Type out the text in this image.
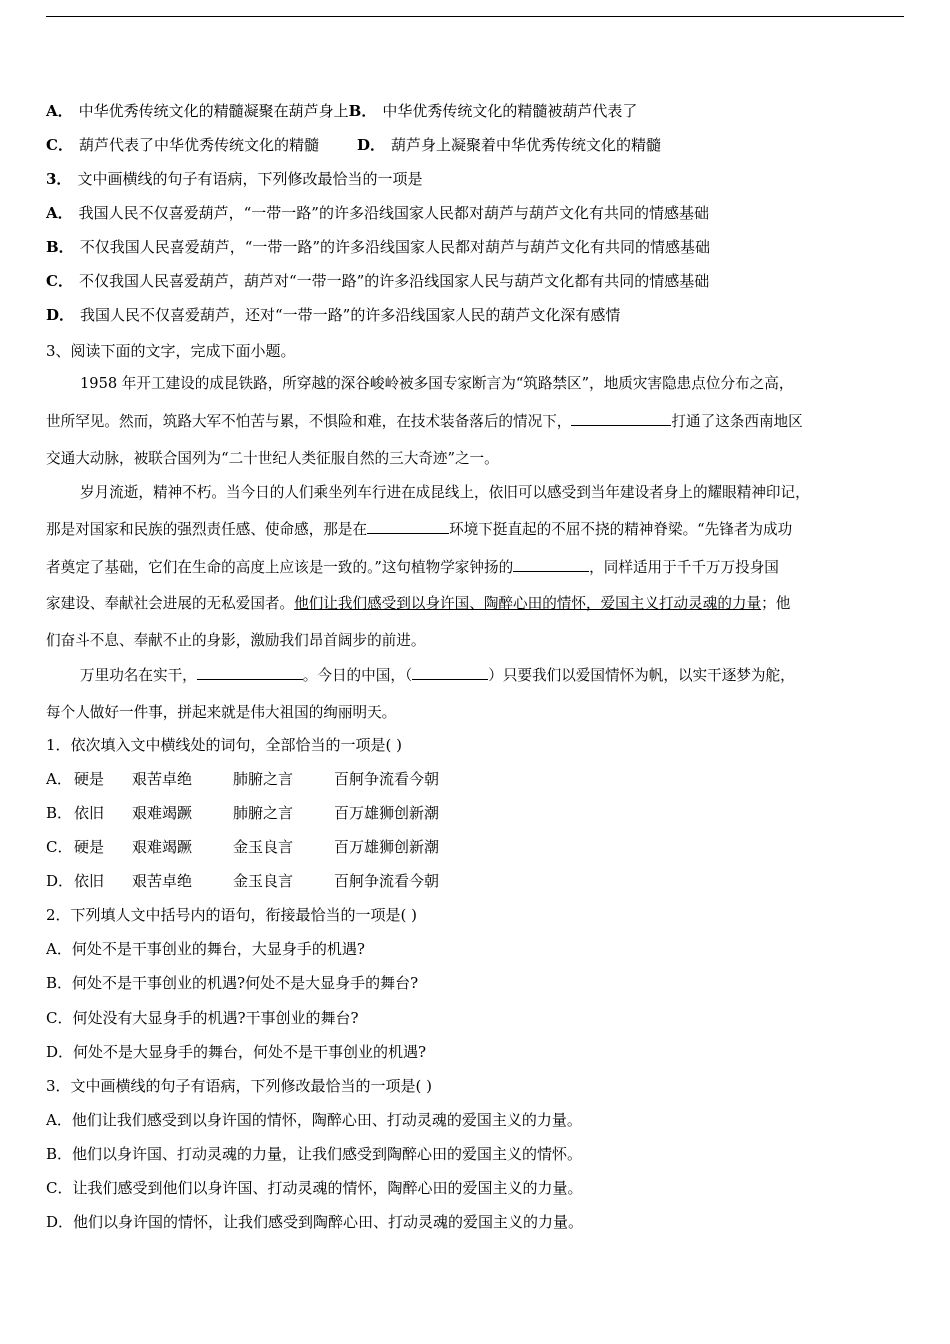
A． 中华优秀传统文化的精髓凝聚在葫芦身上B． 中华优秀传统文化的精髓被葫芦代表了
C． 葫芦代表了中华优秀传统文化的精髓	D． 葫芦身上凝聚着中华优秀传统文化的精髓
3． 文中画横线的句子有语病，下列修改最恰当的一项是
A． 我国人民不仅喜爱葫芦，“一带一路”的许多沿线国家人民都对葫芦与葫芦文化有共同的情感基础
B． 不仅我国人民喜爱葫芦，“一带一路”的许多沿线国家人民都对葫芦与葫芦文化有共同的情感基础
C． 不仅我国人民喜爱葫芦，葫芦对“一带一路”的许多沿线国家人民与葫芦文化都有共同的情感基础
D． 我国人民不仅喜爱葫芦，还对“一带一路”的许多沿线国家人民的葫芦文化深有感情
3、阅读下面的文字，完成下面小题。
1958 年开工建设的成昆铁路，所穿越的深谷峻岭被多国专家断言为“筑路禁区”，地质灾害隐患点位分布之高，
世所罕见。然而，筑路大军不怕苦与累，不惧险和难，在技术装备落后的情况下，	打通了这条西南地区
交通大动脉，被联合国列为“二十世纪人类征服自然的三大奇迹”之一。
岁月流逝，精神不朽。当今日的人们乘坐列车行进在成昆线上，依旧可以感受到当年建设者身上的耀眼精神印记，
那是对国家和民族的强烈责任感、使命感，那是在	环境下挺直起的不屈不挠的精神脊梁。“先锋者为成功
者奠定了基础，它们在生命的高度上应该是一致的。”这句植物学家钟扬的	，同样适用于千千万万投身国
家建设、奉献社会进展的无私爱国者。他们让我们感受到以身许国、陶醉心田的情怀，爱国主义打动灵魂的力量；他
们奋斗不息、奉献不止的身影，激励我们昂首阔步的前进。
万里功名在实干，	。今日的中国，（	）只要我们以爱国情怀为帆，以实干逐梦为舵，
每个人做好一件事，拼起来就是伟大祖国的绚丽明天。
1．依次填入文中横线处的词句，全部恰当的一项是( )
A． 硬是 艰苦卓绝	肺腑之言	百舸争流看今朝
B． 依旧 艰难竭蹶	肺腑之言	百万雄狮创新潮
C． 硬是 艰难竭蹶	金玉良言	百万雄狮创新潮
D． 依旧 艰苦卓绝	金玉良言	百舸争流看今朝
2．下列填人文中括号内的语句，衔接最恰当的一项是( )
A．何处不是干事创业的舞台，大显身手的机遇?
B．何处不是干事创业的机遇?何处不是大显身手的舞台?
C．何处没有大显身手的机遇?干事创业的舞台?
D．何处不是大显身手的舞台，何处不是干事创业的机遇?
3．文中画横线的句子有语病，下列修改最恰当的一项是( )
A．他们让我们感受到以身许国的情怀，陶醉心田、打动灵魂的爱国主义的力量。
B．他们以身许国、打动灵魂的力量，让我们感受到陶醉心田的爱国主义的情怀。
C．让我们感受到他们以身许国、打动灵魂的情怀，陶醉心田的爱国主义的力量。
D．他们以身许国的情怀，让我们感受到陶醉心田、打动灵魂的爱国主义的力量。
